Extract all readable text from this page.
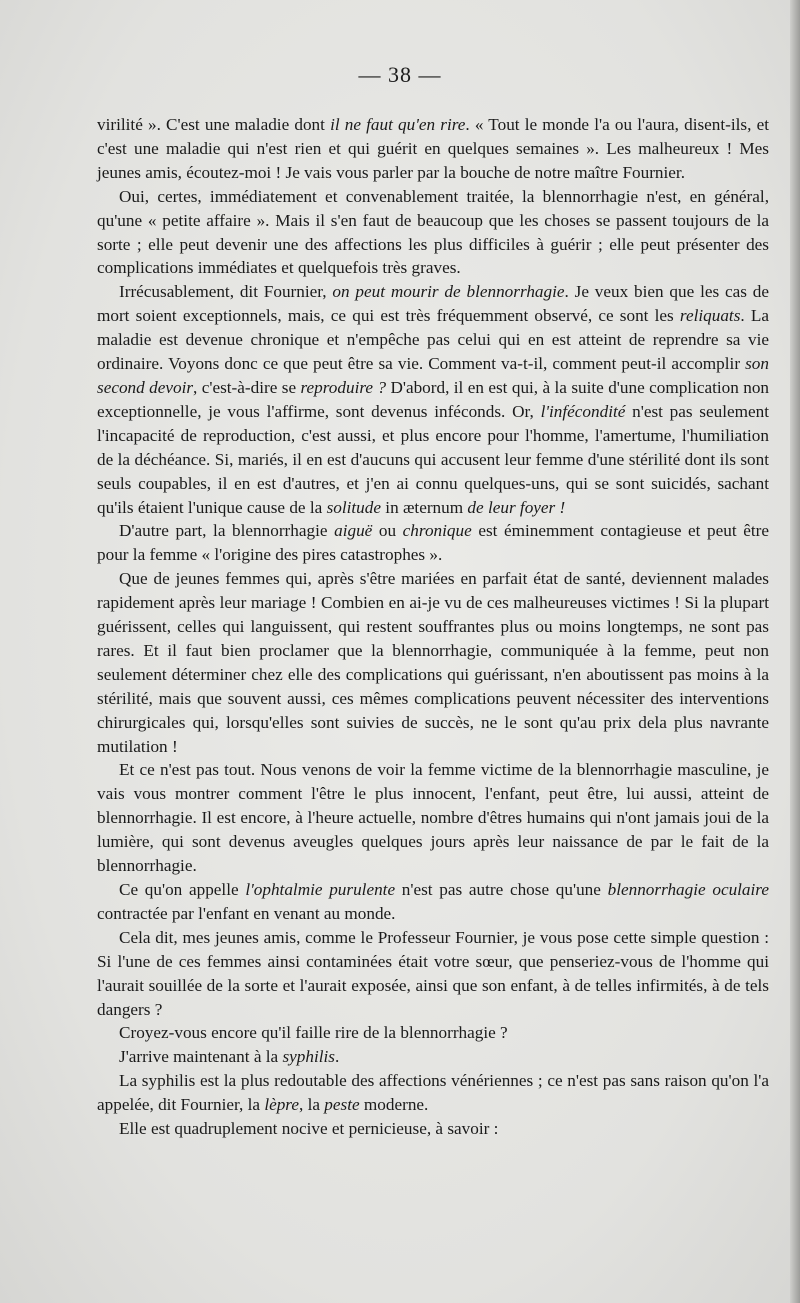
— 38 —

virilité ». C'est une maladie dont il ne faut qu'en rire. « Tout le monde l'a ou l'aura, disent-ils, et c'est une maladie qui n'est rien et qui guérit en quelques semaines ». Les malheureux ! Mes jeunes amis, écoutez-moi ! Je vais vous parler par la bouche de notre maître Fournier.

Oui, certes, immédiatement et convenablement traitée, la blennorrhagie n'est, en général, qu'une « petite affaire ». Mais il s'en faut de beaucoup que les choses se passent toujours de la sorte ; elle peut devenir une des affections les plus difficiles à guérir ; elle peut présenter des complications immédiates et quelquefois très graves.

Irrécusablement, dit Fournier, on peut mourir de blennorrhagie. Je veux bien que les cas de mort soient exceptionnels, mais, ce qui est très fréquemment observé, ce sont les reliquats. La maladie est devenue chronique et n'empêche pas celui qui en est atteint de reprendre sa vie ordinaire. Voyons donc ce que peut être sa vie. Comment va-t-il, comment peut-il accomplir son second devoir, c'est-à-dire se reproduire ? D'abord, il en est qui, à la suite d'une complication non exceptionnelle, je vous l'affirme, sont devenus inféconds. Or, l'infécondité n'est pas seulement l'incapacité de reproduction, c'est aussi, et plus encore pour l'homme, l'amertume, l'humiliation de la déchéance. Si, mariés, il en est d'aucuns qui accusent leur femme d'une stérilité dont ils sont seuls coupables, il en est d'autres, et j'en ai connu quelques-uns, qui se sont suicidés, sachant qu'ils étaient l'unique cause de la solitude in æternum de leur foyer !

D'autre part, la blennorrhagie aiguë ou chronique est éminemment contagieuse et peut être pour la femme « l'origine des pires catastrophes ».

Que de jeunes femmes qui, après s'être mariées en parfait état de santé, deviennent malades rapidement après leur mariage ! Combien en ai-je vu de ces malheureuses victimes ! Si la plupart guérissent, celles qui languissent, qui restent souffrantes plus ou moins longtemps, ne sont pas rares. Et il faut bien proclamer que la blennorrhagie, communiquée à la femme, peut non seulement déterminer chez elle des complications qui guérissant, n'en aboutissent pas moins à la stérilité, mais que souvent aussi, ces mêmes complications peuvent nécessiter des interventions chirurgicales qui, lorsqu'elles sont suivies de succès, ne le sont qu'au prix dela plus navrante mutilation !

Et ce n'est pas tout. Nous venons de voir la femme victime de la blennorrhagie masculine, je vais vous montrer comment l'être le plus innocent, l'enfant, peut être, lui aussi, atteint de blennorrhagie. Il est encore, à l'heure actuelle, nombre d'êtres humains qui n'ont jamais joui de la lumière, qui sont devenus aveugles quelques jours après leur naissance de par le fait de la blennorrhagie.

Ce qu'on appelle l'ophtalmie purulente n'est pas autre chose qu'une blennorrhagie oculaire contractée par l'enfant en venant au monde.

Cela dit, mes jeunes amis, comme le Professeur Fournier, je vous pose cette simple question : Si l'une de ces femmes ainsi contaminées était votre sœur, que penseriez-vous de l'homme qui l'aurait souillée de la sorte et l'aurait exposée, ainsi que son enfant, à de telles infirmités, à de tels dangers ?

Croyez-vous encore qu'il faille rire de la blennorrhagie ?

J'arrive maintenant à la syphilis.

La syphilis est la plus redoutable des affections vénériennes ; ce n'est pas sans raison qu'on l'a appelée, dit Fournier, la lèpre, la peste moderne.

Elle est quadruplement nocive et pernicieuse, à savoir :
